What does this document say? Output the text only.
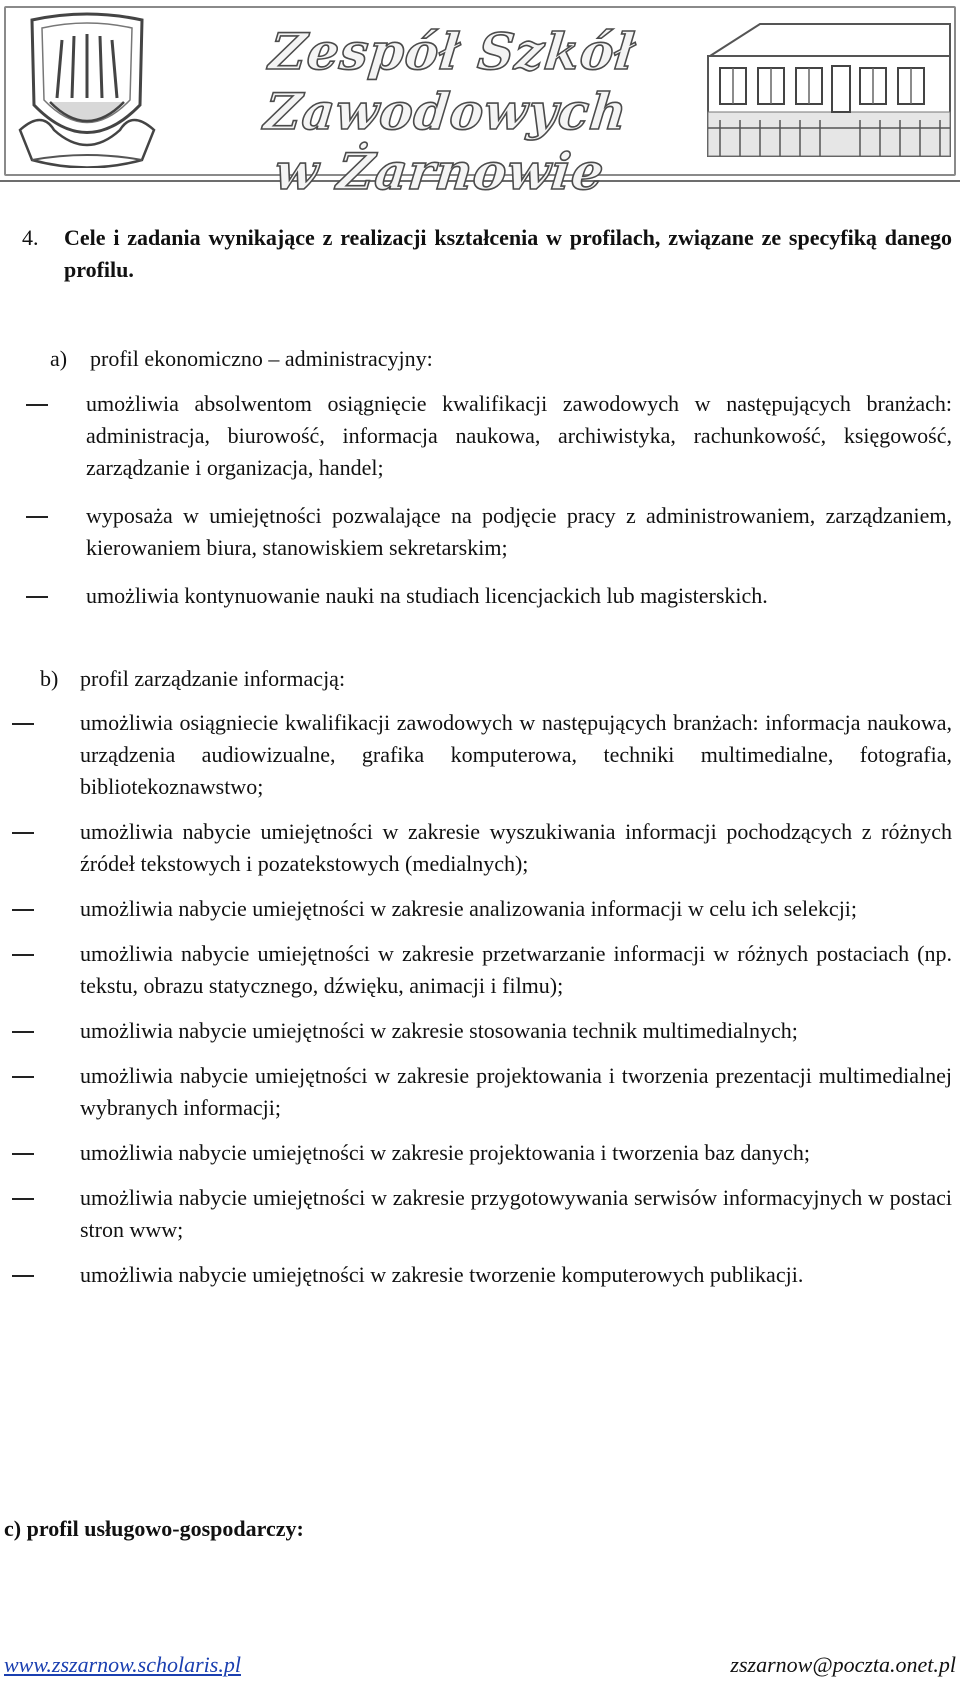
Zespół Szkół Zawodowych
w Żarnowie
4. Cele i zadania wynikające z realizacji kształcenia w profilach, związane ze specyfiką danego profilu.
a) profil ekonomiczno – administracyjny:
umożliwia absolwentom osiągnięcie kwalifikacji zawodowych w następujących branżach: administracja, biurowość, informacja naukowa, archiwistyka, rachunkowość, księgowość, zarządzanie i organizacja, handel;
wyposaża w umiejętności pozwalające na podjęcie pracy z administrowaniem, zarządzaniem, kierowaniem biura, stanowiskiem sekretarskim;
umożliwia kontynuowanie nauki na studiach licencjackich lub magisterskich.
b) profil zarządzanie informacją:
umożliwia osiągniecie kwalifikacji zawodowych w następujących branżach: informacja naukowa, urządzenia audiowizualne, grafika komputerowa, techniki multimedialne, fotografia, bibliotekoznawstwo;
umożliwia nabycie umiejętności w zakresie wyszukiwania informacji pochodzących z różnych źródeł tekstowych i pozatekstowych (medialnych);
umożliwia nabycie umiejętności w zakresie analizowania informacji w celu ich selekcji;
umożliwia nabycie umiejętności w zakresie przetwarzanie informacji w różnych postaciach (np. tekstu, obrazu statycznego, dźwięku, animacji i filmu);
umożliwia nabycie umiejętności w zakresie stosowania technik multimedialnych;
umożliwia nabycie umiejętności w zakresie projektowania i tworzenia prezentacji multimedialnej wybranych informacji;
umożliwia nabycie umiejętności w zakresie projektowania i tworzenia baz danych;
umożliwia nabycie umiejętności w zakresie przygotowywania serwisów informacyjnych w postaci stron www;
umożliwia nabycie umiejętności w zakresie tworzenie komputerowych publikacji.
c) profil usługowo-gospodarczy:
www.zszarnow.scholaris.pl	zszarnow@poczta.onet.pl
